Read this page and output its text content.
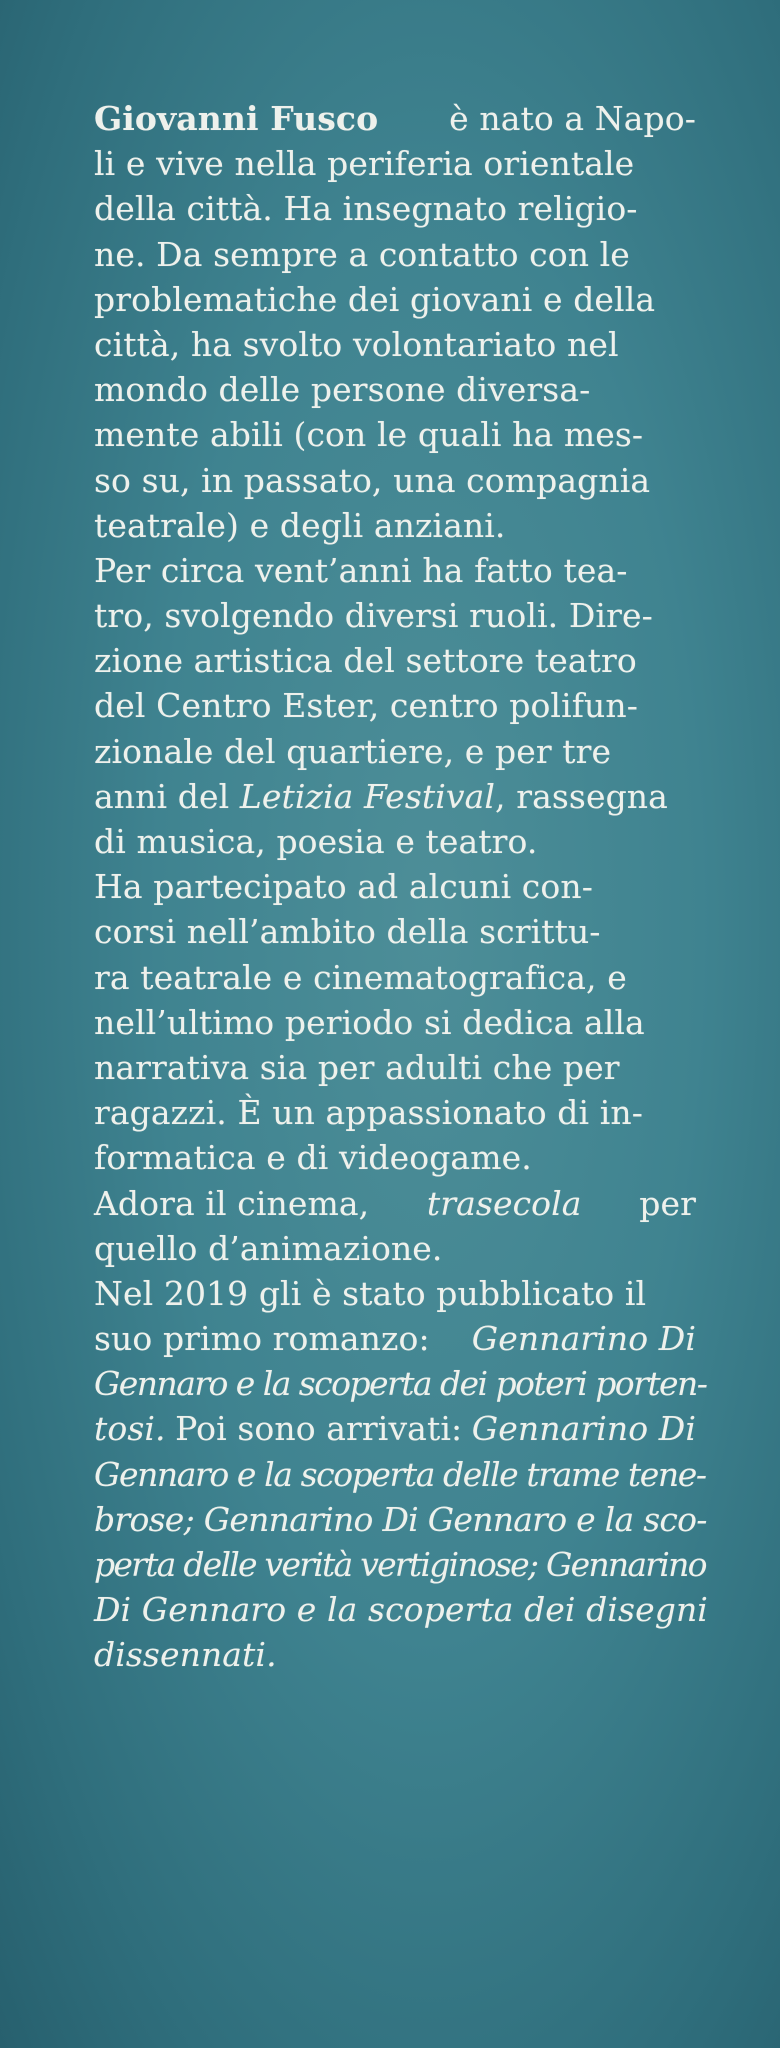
Giovanni Fusco è nato a Napo-
li e vive nella periferia orientale
della città. Ha insegnato religio-
ne. Da sempre a contatto con le
problematiche dei giovani e della
città, ha svolto volontariato nel
mondo delle persone diversa-
mente abili (con le quali ha mes-
so su, in passato, una compagnia
teatrale) e degli anziani.
Per circa vent’anni ha fatto tea-
tro, svolgendo diversi ruoli. Dire-
zione artistica del settore teatro
del Centro Ester, centro polifun-
zionale del quartiere, e per tre
anni del Letizia Festival, rassegna
di musica, poesia e teatro.
Ha partecipato ad alcuni con-
corsi nell’ambito della scrittu-
ra teatrale e cinematografica, e
nell’ultimo periodo si dedica alla
narrativa sia per adulti che per
ragazzi. È un appassionato di in-
formatica e di videogame.
Adora il cinema, trasecola per
quello d’animazione.
Nel 2019 gli è stato pubblicato il
suo primo romanzo: Gennarino Di
Gennaro e la scoperta dei poteri porten-
tosi. Poi sono arrivati: Gennarino Di
Gennaro e la scoperta delle trame tene-
brose; Gennarino Di Gennaro e la sco-
perta delle verità vertiginose; Gennarino
Di Gennaro e la scoperta dei disegni
dissennati.
